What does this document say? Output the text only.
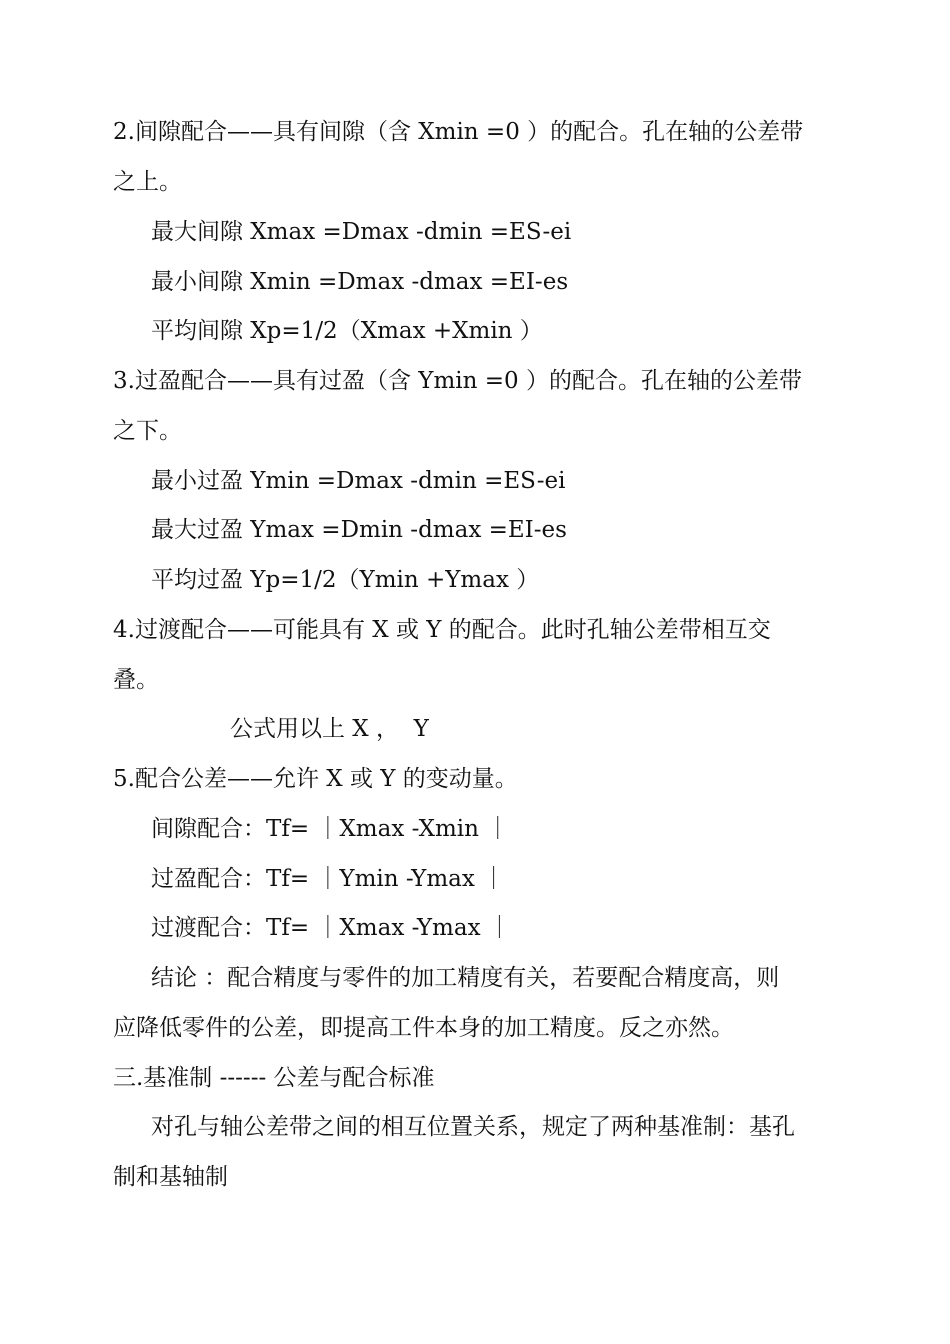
2.间隙配合——具有间隙（含 Xmin =0 ）的配合。孔在轴的公差带

之上。

最大间隙 Xmax =Dmax -dmin =ES-ei

最小间隙 Xmin =Dmax -dmax =EI-es

平均间隙 Xp=1/2（Xmax +Xmin ）

3.过盈配合——具有过盈（含 Ymin =0 ）的配合。孔在轴的公差带

之下。

最小过盈 Ymin =Dmax -dmin =ES-ei

最大过盈 Ymax =Dmin -dmax =EI-es

平均过盈 Yp=1/2（Ymin +Ymax ）

4.过渡配合——可能具有 X 或 Y 的配合。此时孔轴公差带相互交

叠。

公式用以上 X ，  Y

5.配合公差——允许 X 或 Y 的变动量。

间隙配合：Tf= ｜Xmax -Xmin ｜

过盈配合：Tf= ｜Ymin -Ymax ｜

过渡配合：Tf= ｜Xmax -Ymax ｜

结论 ：配合精度与零件的加工精度有关，若要配合精度高，则

应降低零件的公差，即提高工件本身的加工精度。反之亦然。

三.基准制 ------ 公差与配合标准

对孔与轴公差带之间的相互位置关系，规定了两种基准制：基孔

制和基轴制
